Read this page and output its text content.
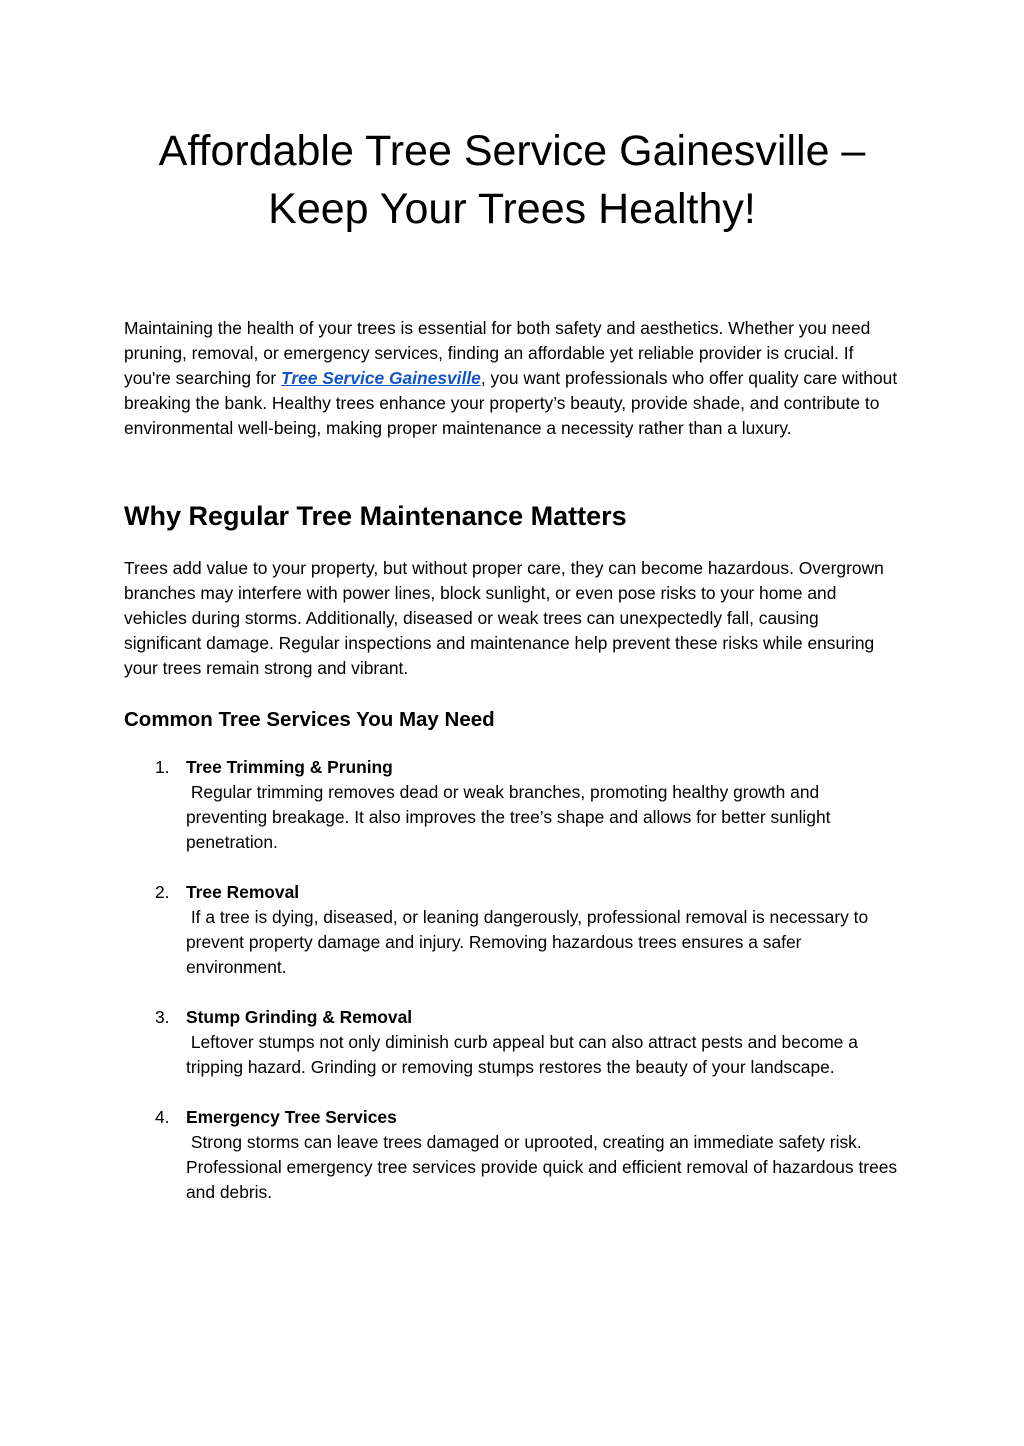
Affordable Tree Service Gainesville –
Keep Your Trees Healthy!

Maintaining the health of your trees is essential for both safety and aesthetics. Whether you need pruning, removal, or emergency services, finding an affordable yet reliable provider is crucial. If you're searching for Tree Service Gainesville, you want professionals who offer quality care without breaking the bank. Healthy trees enhance your property’s beauty, provide shade, and contribute to environmental well-being, making proper maintenance a necessity rather than a luxury.

Why Regular Tree Maintenance Matters

Trees add value to your property, but without proper care, they can become hazardous. Overgrown branches may interfere with power lines, block sunlight, or even pose risks to your home and vehicles during storms. Additionally, diseased or weak trees can unexpectedly fall, causing significant damage. Regular inspections and maintenance help prevent these risks while ensuring your trees remain strong and vibrant.

Common Tree Services You May Need
1. Tree Trimming & Pruning
Regular trimming removes dead or weak branches, promoting healthy growth and preventing breakage. It also improves the tree’s shape and allows for better sunlight penetration.
2. Tree Removal
If a tree is dying, diseased, or leaning dangerously, professional removal is necessary to prevent property damage and injury. Removing hazardous trees ensures a safer environment.
3. Stump Grinding & Removal
Leftover stumps not only diminish curb appeal but can also attract pests and become a tripping hazard. Grinding or removing stumps restores the beauty of your landscape.
4. Emergency Tree Services
Strong storms can leave trees damaged or uprooted, creating an immediate safety risk. Professional emergency tree services provide quick and efficient removal of hazardous trees and debris.
